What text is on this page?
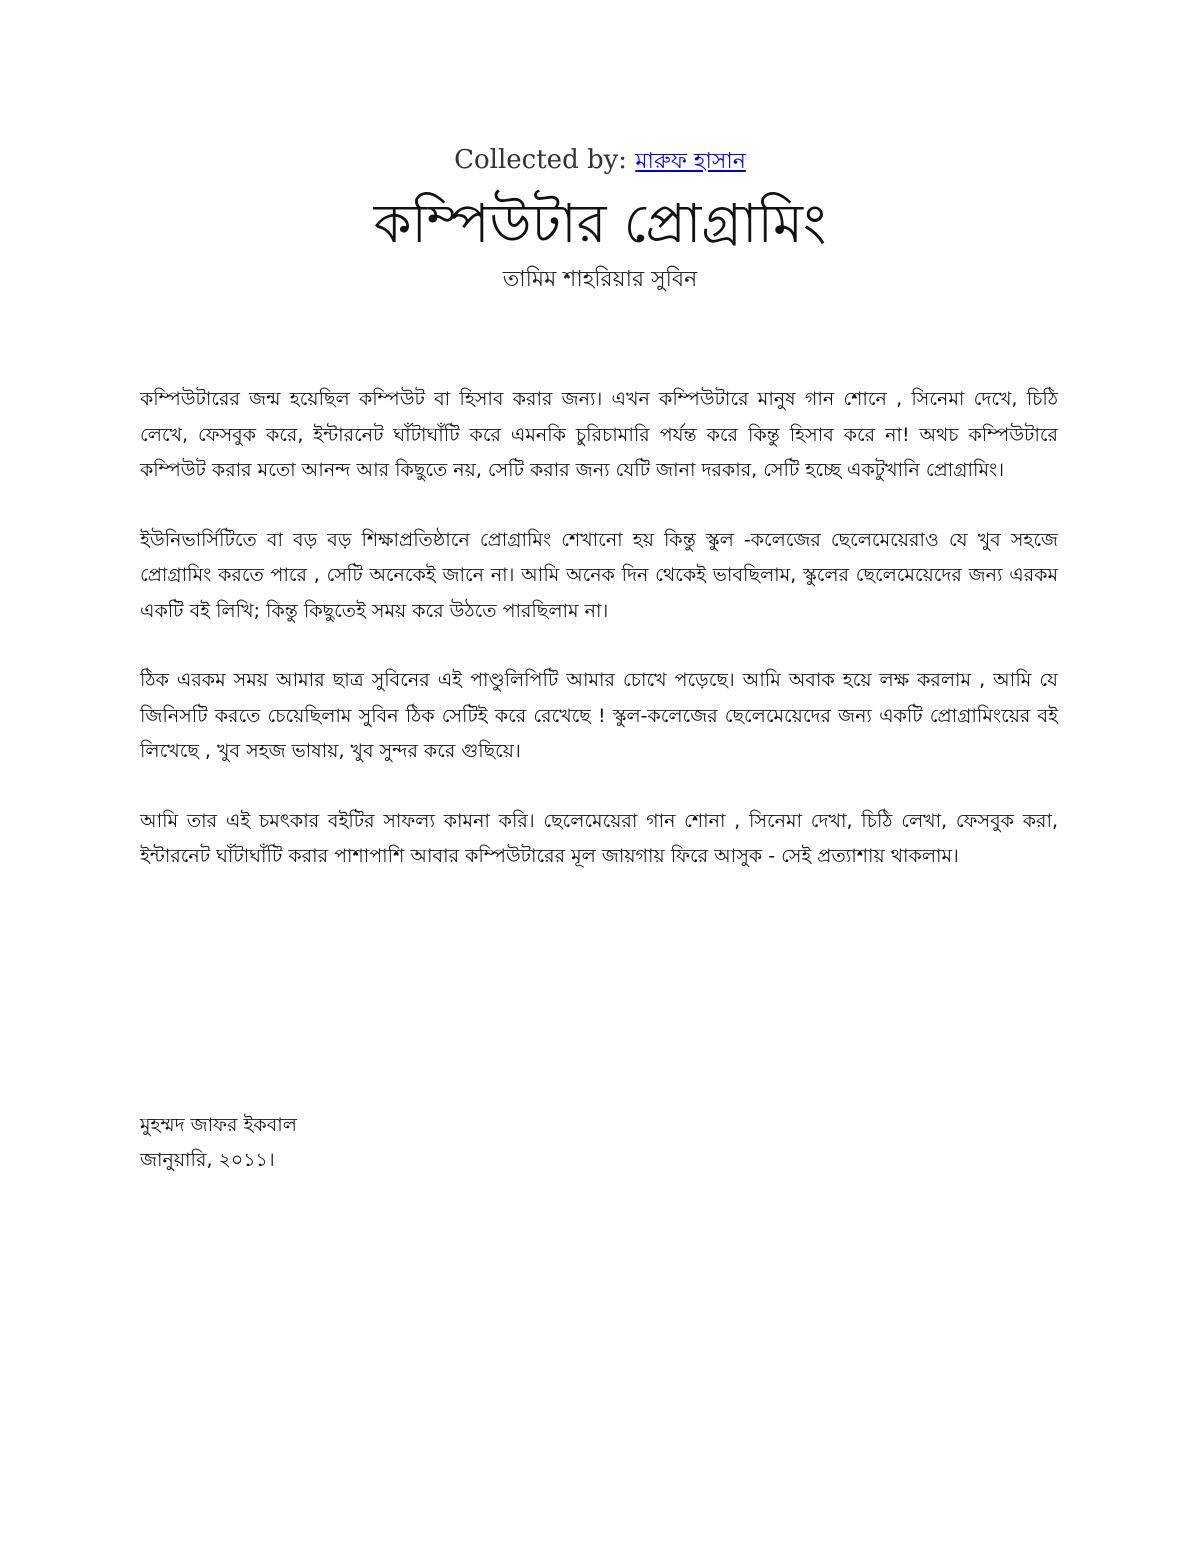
Collected by: মারুফ হাসান
কম্পিউটার প্রোগ্রামিং
তামিম শাহরিয়ার সুবিন

কম্পিউটারের জন্ম হয়েছিল কম্পিউট বা হিসাব করার জন্য। এখন কম্পিউটারে মানুষ গান শোনে , সিনেমা দেখে, চিঠি লেখে, ফেসবুক করে, ইন্টারনেট ঘাঁটাঘাঁটি করে এমনকি চুরিচামারি পর্যন্ত করে কিন্তু হিসাব করে না! অথচ কম্পিউটারে কম্পিউট করার মতো আনন্দ আর কিছুতে নয়, সেটি করার জন্য যেটি জানা দরকার, সেটি হচ্ছে একটুখানি প্রোগ্রামিং।

ইউনিভার্সিটিতে বা বড় বড় শিক্ষাপ্রতিষ্ঠানে প্রোগ্রামিং শেখানো হয় কিন্তু স্কুল -কলেজের ছেলেমেয়েরাও যে খুব সহজে প্রোগ্রামিং করতে পারে , সেটি অনেকেই জানে না। আমি অনেক দিন থেকেই ভাবছিলাম, স্কুলের ছেলেমেয়েদের জন্য এরকম একটি বই লিখি; কিন্তু কিছুতেই সময় করে উঠতে পারছিলাম না।

ঠিক এরকম সময় আমার ছাত্র সুবিনের এই পাণ্ডুলিপিটি আমার চোখে পড়েছে। আমি অবাক হয়ে লক্ষ করলাম , আমি যে জিনিসটি করতে চেয়েছিলাম সুবিন ঠিক সেটিই করে রেখেছে ! স্কুল-কলেজের ছেলেমেয়েদের জন্য একটি প্রোগ্রামিংয়ের বই লিখেছে , খুব সহজ ভাষায়, খুব সুন্দর করে গুছিয়ে।

আমি তার এই চমৎকার বইটির সাফল্য কামনা করি। ছেলেমেয়েরা গান শোনা , সিনেমা দেখা, চিঠি লেখা, ফেসবুক করা, ইন্টারনেট ঘাঁটাঘাঁটি করার পাশাপাশি আবার কম্পিউটারের মূল জায়গায় ফিরে আসুক - সেই প্রত্যাশায় থাকলাম।

মুহম্মদ জাফর ইকবাল
জানুয়ারি, ২০১১।
